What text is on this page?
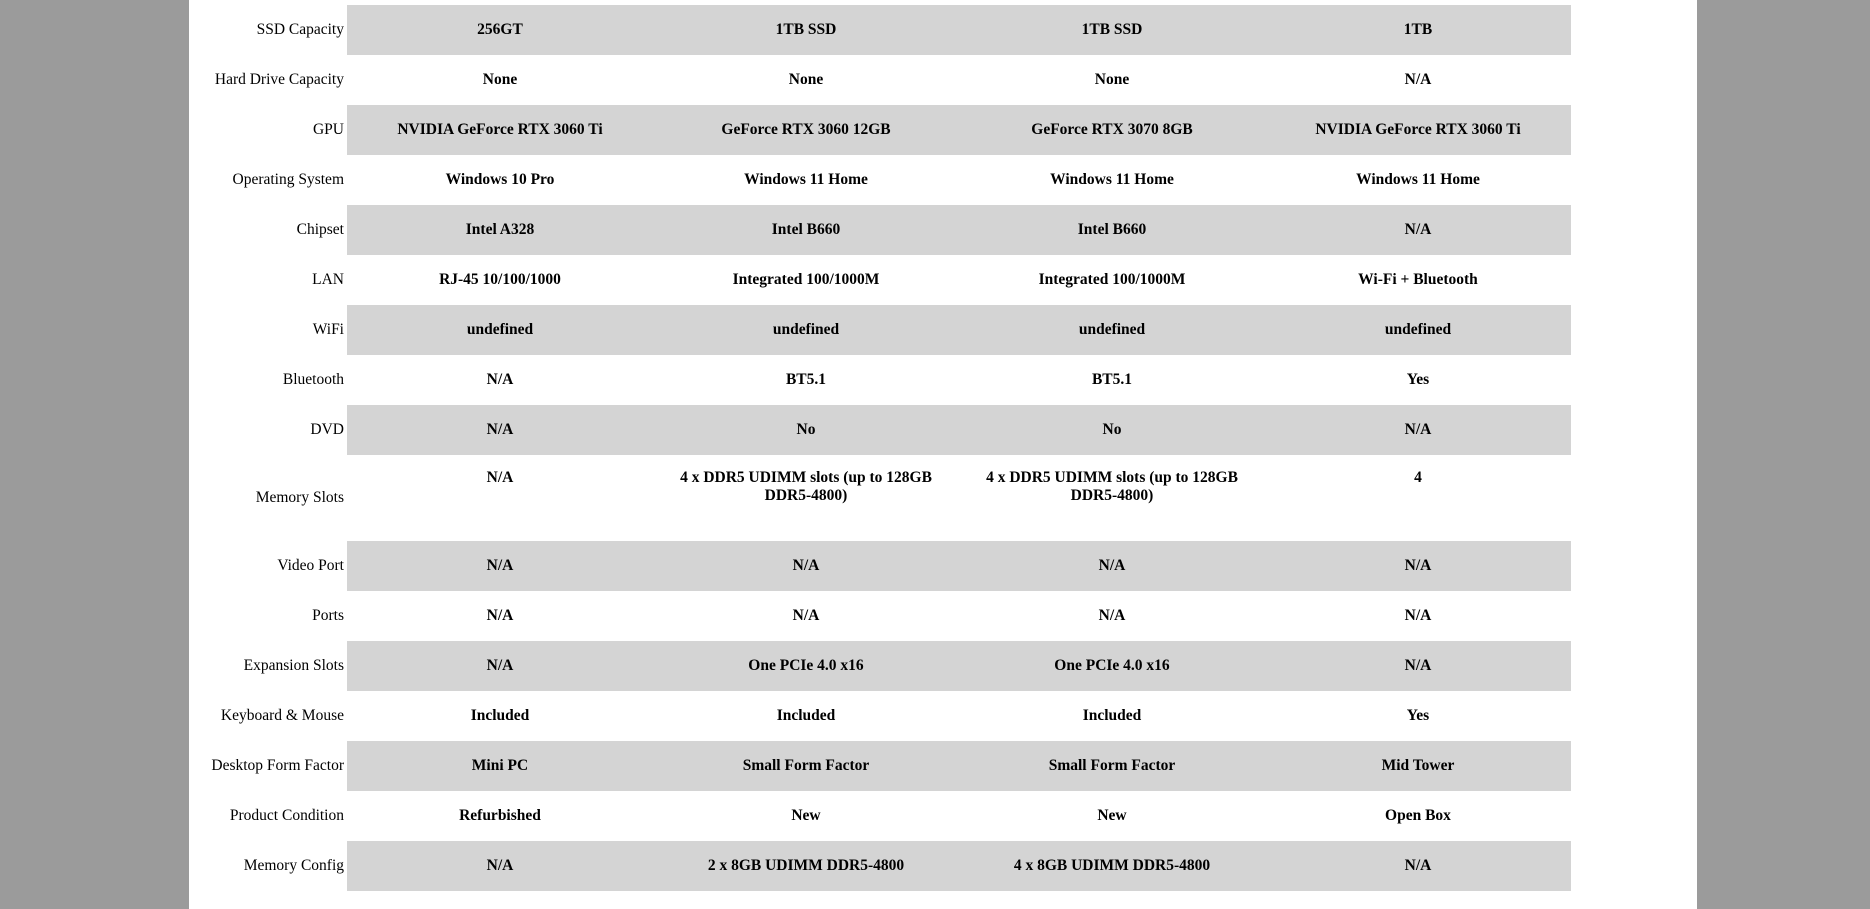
SSD Capacity	256GT	1TB SSD	1TB SSD	1TB
Hard Drive Capacity	None	None	None	N/A
GPU	NVIDIA GeForce RTX 3060 Ti	GeForce RTX 3060 12GB	GeForce RTX 3070 8GB	NVIDIA GeForce RTX 3060 Ti
Operating System	Windows 10 Pro	Windows 11 Home	Windows 11 Home	Windows 11 Home
Chipset	Intel A328	Intel B660	Intel B660	N/A
LAN	RJ-45 10/100/1000	Integrated 100/1000M	Integrated 100/1000M	Wi-Fi + Bluetooth
WiFi	undefined	undefined	undefined	undefined
Bluetooth	N/A	BT5.1	BT5.1	Yes
DVD	N/A	No	No	N/A
Memory Slots	N/A	4 x DDR5 UDIMM slots (up to 128GB DDR5-4800)	4 x DDR5 UDIMM slots (up to 128GB DDR5-4800)	4
Video Port	N/A	N/A	N/A	N/A
Ports	N/A	N/A	N/A	N/A
Expansion Slots	N/A	One PCIe 4.0 x16	One PCIe 4.0 x16	N/A
Keyboard & Mouse	Included	Included	Included	Yes
Desktop Form Factor	Mini PC	Small Form Factor	Small Form Factor	Mid Tower
Product Condition	Refurbished	New	New	Open Box
Memory Config	N/A	2 x 8GB UDIMM DDR5-4800	4 x 8GB UDIMM DDR5-4800	N/A
